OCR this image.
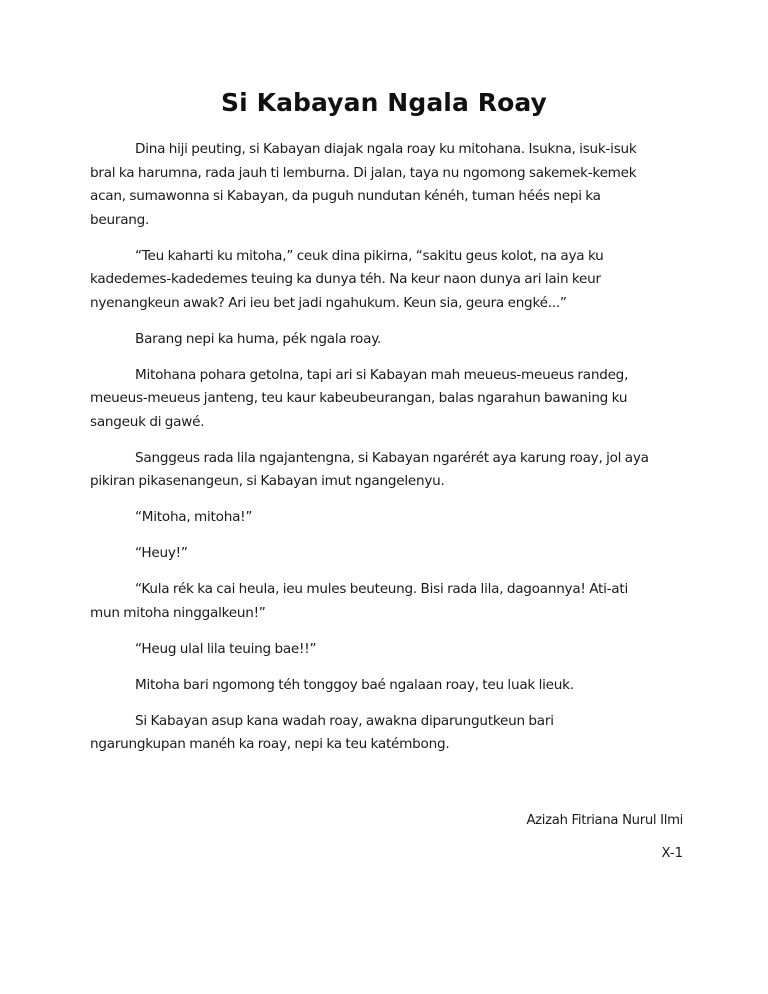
Si Kabayan Ngala Roay

Dina hiji peuting, si Kabayan diajak ngala roay ku mitohana. Isukna, isuk-isuk bral ka harumna, rada jauh ti lemburna. Di jalan, taya nu ngomong sakemek-kemek acan, sumawonna si Kabayan, da puguh nundutan kénéh, tuman héés nepi ka beurang.

“Teu kaharti ku mitoha,” ceuk dina pikirna, “sakitu geus kolot, na aya ku kadedemes-kadedemes teuing ka dunya téh. Na keur naon dunya ari lain keur nyenangkeun awak? Ari ieu bet jadi ngahukum. Keun sia, geura engké...”

Barang nepi ka huma, pék ngala roay.

Mitohana pohara getolna, tapi ari si Kabayan mah meueus-meueus randeg, meueus-meueus janteng, teu kaur kabeubeurangan, balas ngarahun bawaning ku sangeuk di gawé.

Sanggeus rada lila ngajantengna, si Kabayan ngarérét aya karung roay, jol aya pikiran pikasenangeun, si Kabayan imut ngangelenyu.

“Mitoha, mitoha!”

“Heuy!”

“Kula rék ka cai heula, ieu mules beuteung. Bisi rada lila, dagoannya! Ati-ati mun mitoha ninggalkeun!”

“Heug ulal lila teuing bae!!”

Mitoha bari ngomong téh tonggoy baé ngalaan roay, teu luak lieuk.

Si Kabayan asup kana wadah roay, awakna diparungutkeun bari ngarungkupan manéh ka roay, nepi ka teu katémbong.

Azizah Fitriana Nurul Ilmi
X-1
